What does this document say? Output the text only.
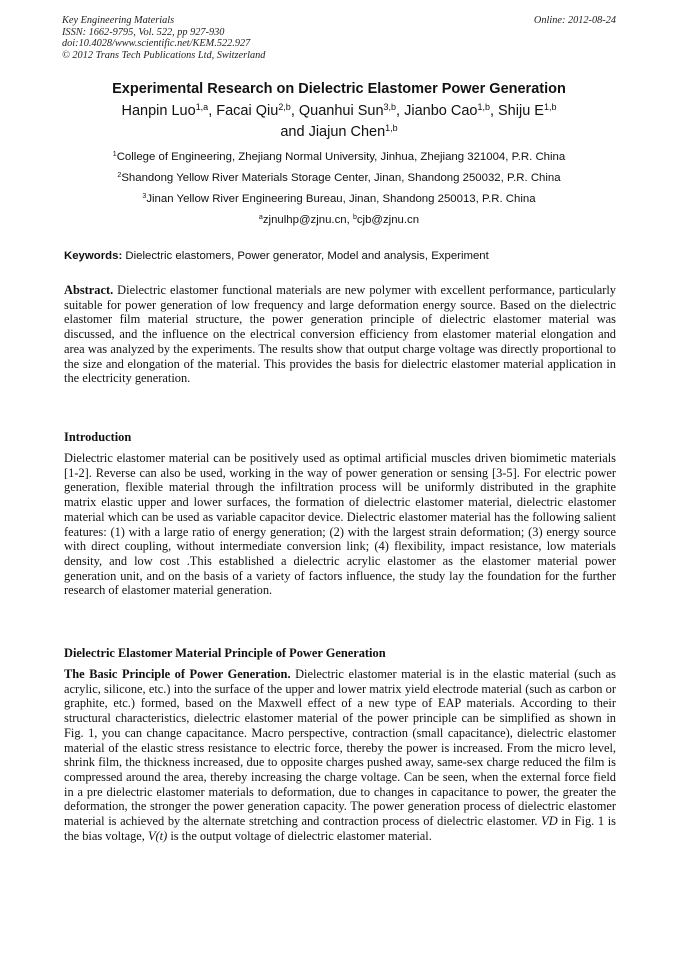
Key Engineering Materials
ISSN: 1662-9795, Vol. 522, pp 927-930
doi:10.4028/www.scientific.net/KEM.522.927
© 2012 Trans Tech Publications Ltd, Switzerland
Online: 2012-08-24
Experimental Research on Dielectric Elastomer Power Generation
Hanpin Luo$^{1,a}$, Facai Qiu$^{2,b}$, Quanhui Sun$^{3,b}$, Jianbo Cao$^{1,b}$, Shiju E$^{1,b}$
and Jiajun Chen$^{1,b}$
$^1$College of Engineering, Zhejiang Normal University, Jinhua, Zhejiang 321004, P.R. China
$^2$Shandong Yellow River Materials Storage Center, Jinan, Shandong 250032, P.R. China
$^3$Jinan Yellow River Engineering Bureau, Jinan, Shandong 250013, P.R. China
$^a$zjnulhp@zjnu.cn, $^b$cjb@zjnu.cn
Keywords: Dielectric elastomers, Power generator, Model and analysis, Experiment
Abstract. Dielectric elastomer functional materials are new polymer with excellent performance, particularly suitable for power generation of low frequency and large deformation energy source. Based on the dielectric elastomer film material structure, the power generation principle of dielectric elastomer material was discussed, and the influence on the electrical conversion efficiency from elastomer material elongation and area was analyzed by the experiments. The results show that output charge voltage was directly proportional to the size and elongation of the material. This provides the basis for dielectric elastomer material application in the electricity generation.
Introduction
Dielectric elastomer material can be positively used as optimal artificial muscles driven biomimetic materials [1-2]. Reverse can also be used, working in the way of power generation or sensing [3-5]. For electric power generation, flexible material through the infiltration process will be uniformly distributed in the graphite matrix elastic upper and lower surfaces, the formation of dielectric elastomer material, dielectric elastomer material which can be used as variable capacitor device. Dielectric elastomer material has the following salient features: (1) with a large ratio of energy generation; (2) with the largest strain deformation; (3) energy source with direct coupling, without intermediate conversion link; (4) flexibility, impact resistance, low materials density, and low cost .This established a dielectric acrylic elastomer as the elastomer material power generation unit, and on the basis of a variety of factors influence, the study lay the foundation for the further research of elastomer material generation.
Dielectric Elastomer Material Principle of Power Generation
The Basic Principle of Power Generation. Dielectric elastomer material is in the elastic material (such as acrylic, silicone, etc.) into the surface of the upper and lower matrix yield electrode material (such as carbon or graphite, etc.) formed, based on the Maxwell effect of a new type of EAP materials. According to their structural characteristics, dielectric elastomer material of the power principle can be simplified as shown in Fig. 1, you can change capacitance. Macro perspective, contraction (small capacitance), dielectric elastomer material of the elastic stress resistance to electric force, thereby the power is increased. From the micro level, shrink film, the thickness increased, due to opposite charges pushed away, same-sex charge reduced the film is compressed around the area, thereby increasing the charge voltage. Can be seen, when the external force field in a pre dielectric elastomer materials to deformation, due to changes in capacitance to power, the greater the deformation, the stronger the power generation capacity. The power generation process of dielectric elastomer material is achieved by the alternate stretching and contraction process of dielectric elastomer. VD in Fig. 1 is the bias voltage, V(t) is the output voltage of dielectric elastomer material.
